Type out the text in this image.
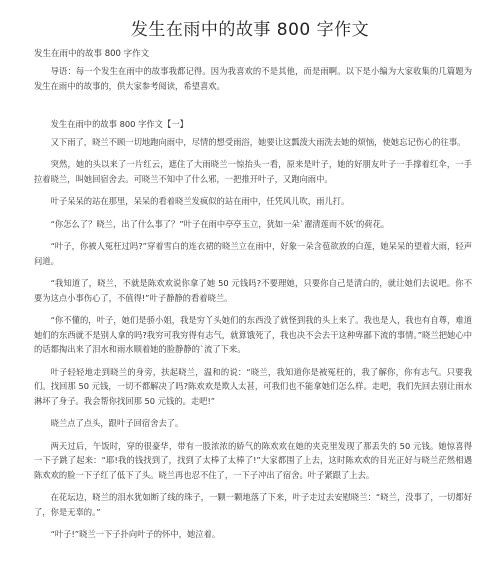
发生在雨中的故事 800 字作文
发生在雨中的故事 800 字作文

导语：每一个发生在雨中的故事我都记得。因为我喜欢的不是其他，而是雨啊。以下是小编为大家收集的几篇题为发生在雨中的故事的，供大家参考阅读，希望喜欢。

发生在雨中的故事 800 字作文【一】

又下雨了，晓兰不顾一切地跑向雨中，尽情的想受雨浴，她要让这瓢泼大雨洗去她的烦恼，使她忘记伤心的往事。

突然，她的头以来了一片红云，遮住了大雨晓兰一惊抬头一看，原来是叶子，她的好朋友叶子一手撑着红伞，一手拉着晓兰，叫她回宿舍去。可晓兰不知中了什么邪，一把推开叶子，又跑向雨中。

叶子呆呆的站在那里，呆呆的看着晓兰发疯似的站在雨中，任凭风儿吹，雨儿打。

“你怎么了？晓兰，出了什么事了？”叶子在雨中亭亭玉立，犹如一朵`濯清莲而不妖'的荷花。

“叶子，你被人冤枉过吗?”穿着雪白的连衣裙的晓兰立在雨中，好象一朵含苞欲放的白莲，她呆呆的望着大雨，轻声问道。

“我知道了，晓兰，不就是陈欢欢说你拿了她 50 元钱吗?不要理她，只要你自己是清白的，就让她们去说吧。你不要为这点小事伤心了，不值得!”叶子静静的看着晓兰。

“你不懂的，叶子，她们是骄小姐，我是穷丫头她们的东西没了就怪到我的头上来了。我也是人，我也有自尊，难道她们的东西就不是别人拿的吗?我穷可我穷得有志气，就算饿死了，我也决不会去干这种卑鄙下流的事情。”晓兰把她心中的话都掏出来了泪水和雨水顺着她的脸静静的`流了下来。

叶子轻轻地走到晓兰的身旁，扶起晓兰，温和的说：“晓兰，我知道你是被冤枉的，我了解你，你有志气。只要我们。找回那 50 元钱，一切不都解决了吗?陈欢欢是欺人太甚，可我们也不能拿她们怎么样。走吧，我们先回去别让雨水淋坏了身子。我会帮你找回那 50 元钱的。走吧!”

晓兰点了点头，跟叶子回宿舍去了。

两天过后，午饭时，穿的很豪华，带有一股浓浓的娇气的陈欢欢在她的夹克里发现了那丢失的 50 元钱。她惊喜得一下子跳了起来：“耶!我的钱找到了，找到了太棒了太棒了!”大家都围了上去，这时陈欢欢的目光正好与晓兰茫然相遇陈欢欢的脸一下子红了低下了头。晓兰再也忍不住了，一下子冲出了宿舍。叶子紧跟了上去。

在花坛边，晓兰的泪水犹如断了线的珠子，一颗一颗地落了下来，叶子走过去安慰晓兰：“晓兰，没事了，一切都好了，你是无辜的。”

“叶子!”晓兰一下子扑向叶子的怀中，她泣着。
